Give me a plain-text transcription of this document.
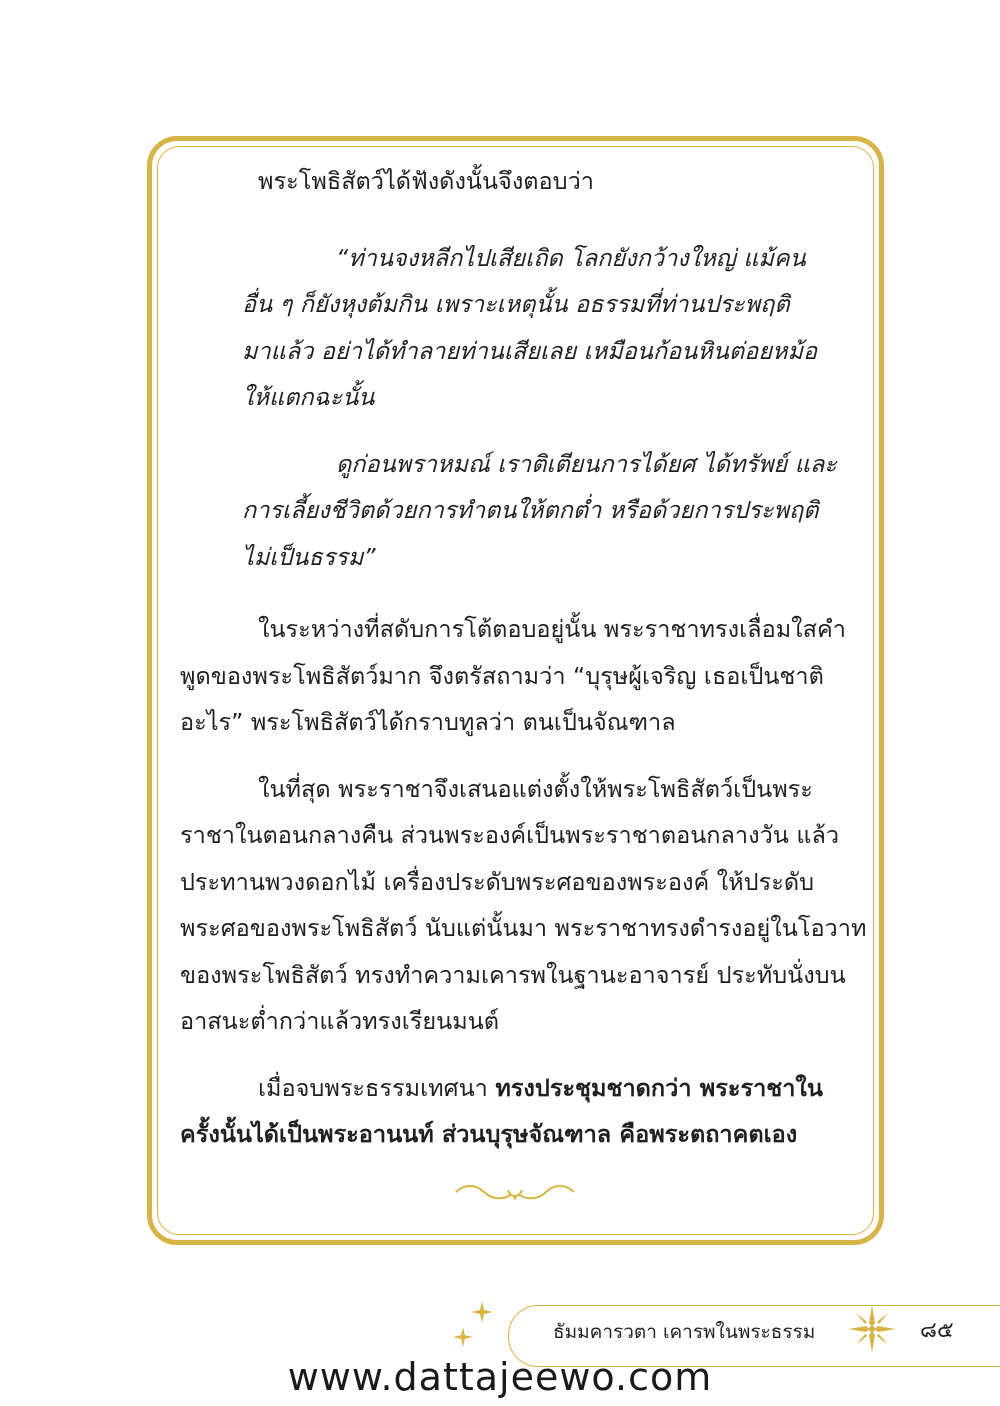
พระโพธิสัตว์ได้ฟังดังนั้นจึงตอบว่า

“ท่านจงหลีกไปเสียเถิด โลกยังกว้างใหญ่ แม้คน

อื่น ๆ ก็ยังหุงต้มกิน เพราะเหตุนั้น อธรรมที่ท่านประพฤติ

มาแล้ว อย่าได้ทำลายท่านเสียเลย เหมือนก้อนหินต่อยหม้อ

ให้แตกฉะนั้น

ดูก่อนพราหมณ์ เราติเตียนการได้ยศ ได้ทรัพย์ และ

การเลี้ยงชีวิตด้วยการทำตนให้ตกต่ำ หรือด้วยการประพฤติ

ไม่เป็นธรรม”

ในระหว่างที่สดับการโต้ตอบอยู่นั้น พระราชาทรงเลื่อมใสคำ

พูดของพระโพธิสัตว์มาก จึงตรัสถามว่า “บุรุษผู้เจริญ เธอเป็นชาติ

อะไร” พระโพธิสัตว์ได้กราบทูลว่า ตนเป็นจัณฑาล

ในที่สุด พระราชาจึงเสนอแต่งตั้งให้พระโพธิสัตว์เป็นพระ

ราชาในตอนกลางคืน ส่วนพระองค์เป็นพระราชาตอนกลางวัน แล้ว

ประทานพวงดอกไม้ เครื่องประดับพระศอของพระองค์ ให้ประดับ

พระศอของพระโพธิสัตว์ นับแต่นั้นมา พระราชาทรงดำรงอยู่ในโอวาท

ของพระโพธิสัตว์ ทรงทำความเคารพในฐานะอาจารย์ ประทับนั่งบน

อาสนะต่ำกว่าแล้วทรงเรียนมนต์

เมื่อจบพระธรรมเทศนา ทรงประชุมชาดกว่า พระราชาใน

ครั้งนั้นได้เป็นพระอานนท์ ส่วนบุรุษจัณฑาล คือพระตถาคตเอง

ธัมมคารวตา เคารพในพระธรรม	๘๕
www.dattajeewo.com
